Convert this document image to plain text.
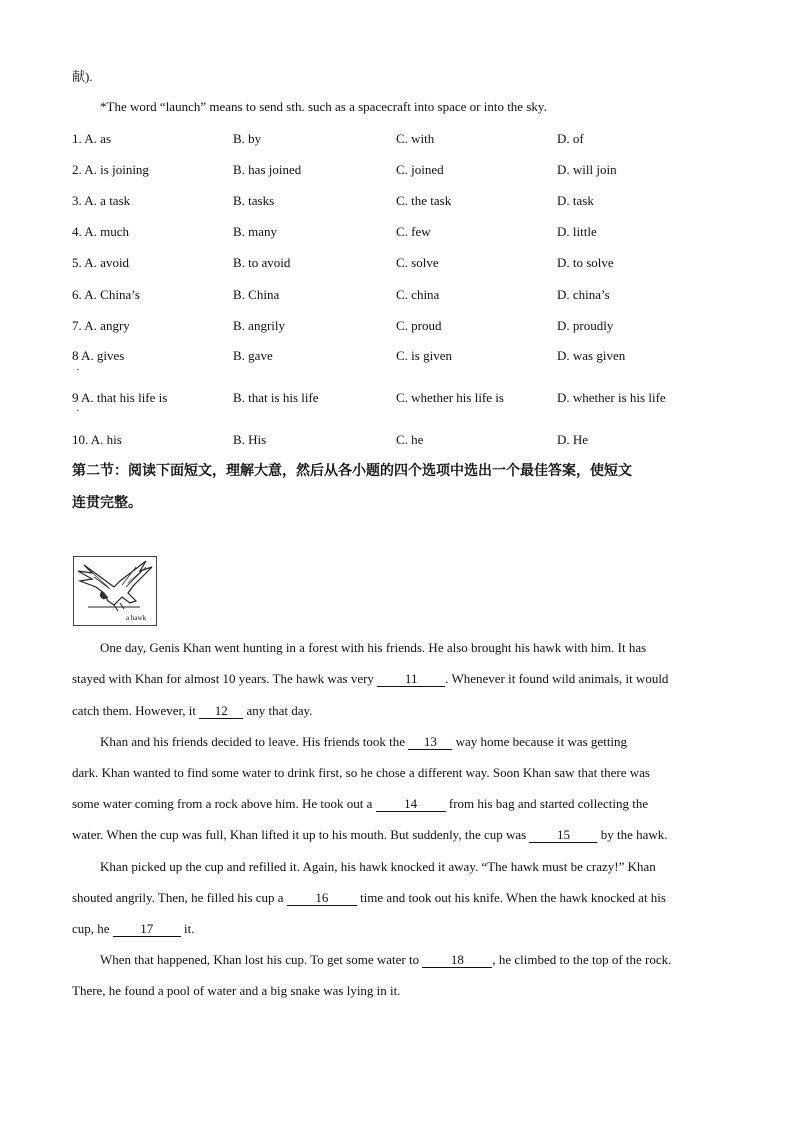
献).
*The word “launch” means to send sth. such as a spacecraft into space or into the sky.
1. A. as	B. by	C. with	D. of
2. A. is joining	B. has joined	C. joined	D. will join
3. A. a task	B. tasks	C. the task	D. task
4. A. much	B. many	C. few	D. little
5. A. avoid	B. to avoid	C. solve	D. to solve
6. A. China’s	B. China	C. china	D. china’s
7. A. angry	B. angrily	C. proud	D. proudly
8 A. gives	B. gave	C. is given	D. was given
·
9 A. that his life is	B. that is his life	C. whether his life is	D. whether is his life
·
10. A. his	B. His	C. he	D. He
第二节：阅读下面短文，理解大意，然后从各小题的四个选项中选出一个最佳答案，使短文
连贯完整。
a hawk
One day, Genis Khan went hunting in a forest with his friends. He also brought his hawk with him. It has
stayed with Khan for almost 10 years. The hawk was very 11 . Whenever it found wild animals, it would
catch them. However, it 12 any that day.
Khan and his friends decided to leave. His friends took the 13 way home because it was getting
dark. Khan wanted to find some water to drink first, so he chose a different way. Soon Khan saw that there was
some water coming from a rock above him. He took out a 14 from his bag and started collecting the
water. When the cup was full, Khan lifted it up to his mouth. But suddenly, the cup was 15 by the hawk.
Khan picked up the cup and refilled it. Again, his hawk knocked it away. “The hawk must be crazy!” Khan
shouted angrily. Then, he filled his cup a 16 time and took out his knife. When the hawk knocked at his
cup, he 17 it.
When that happened, Khan lost his cup. To get some water to 18 , he climbed to the top of the rock.
There, he found a pool of water and a big snake was lying in it.
